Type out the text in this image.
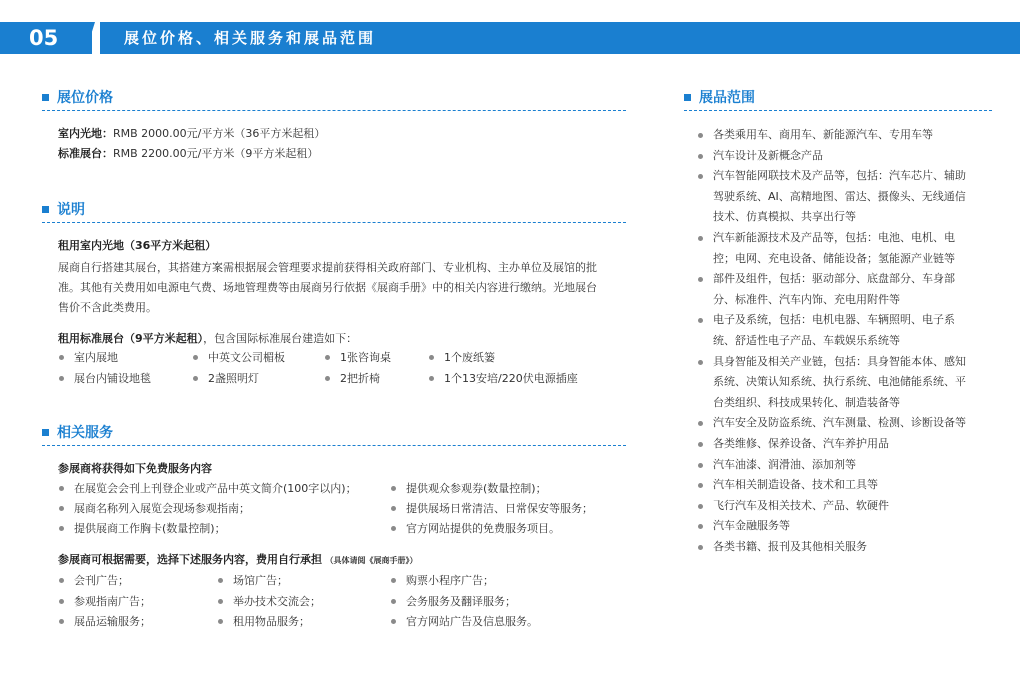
05	展位价格、相关服务和展品范围
展位价格
室内光地：RMB 2000.00元/平方米（36平方米起租）
标准展台：RMB 2200.00元/平方米（9平方米起租）
说明
租用室内光地（36平方米起租）
展商自行搭建其展台，其搭建方案需根据展会管理要求提前获得相关政府部门、专业机构、主办单位及展馆的批准。其他有关费用如电源电气费、场地管理费等由展商另行依据《展商手册》中的相关内容进行缴纳。光地展台售价不含此类费用。
租用标准展台（9平方米起租），包含国际标准展台建造如下：
室内展地	中英文公司楣板	1张咨询桌	1个废纸篓
展台内铺设地毯	2盏照明灯	2把折椅	1个13安培/220伏电源插座
相关服务
参展商将获得如下免费服务内容
在展览会会刊上刊登企业或产品中英文简介(100字以内)；	提供观众参观券(数量控制)；
展商名称列入展览会现场参观指南；	提供展场日常清洁、日常保安等服务；
提供展商工作胸卡(数量控制)；	官方网站提供的免费服务项目。
参展商可根据需要，选择下述服务内容，费用自行承担 （具体请阅《展商手册》）
会刊广告；	场馆广告；	购票小程序广告；
参观指南广告；	举办技术交流会；	会务服务及翻译服务；
展品运输服务；	租用物品服务；	官方网站广告及信息服务。
展品范围
各类乘用车、商用车、新能源汽车、专用车等
汽车设计及新概念产品
汽车智能网联技术及产品等，包括：汽车芯片、辅助驾驶系统、AI、高精地图、雷达、摄像头、无线通信技术、仿真模拟、共享出行等
汽车新能源技术及产品等，包括：电池、电机、电控；电网、充电设备、储能设备；氢能源产业链等
部件及组件，包括：驱动部分、底盘部分、车身部分、标准件、汽车内饰、充电用附件等
电子及系统，包括：电机电器、车辆照明、电子系统、舒适性电子产品、车载娱乐系统等
具身智能及相关产业链，包括：具身智能本体、感知系统、决策认知系统、执行系统、电池储能系统、平台类组织、科技成果转化、制造装备等
汽车安全及防盗系统、汽车测量、检测、诊断设备等
各类维修、保养设备、汽车养护用品
汽车油漆、润滑油、添加剂等
汽车相关制造设备、技术和工具等
飞行汽车及相关技术、产品、软硬件
汽车金融服务等
各类书籍、报刊及其他相关服务
